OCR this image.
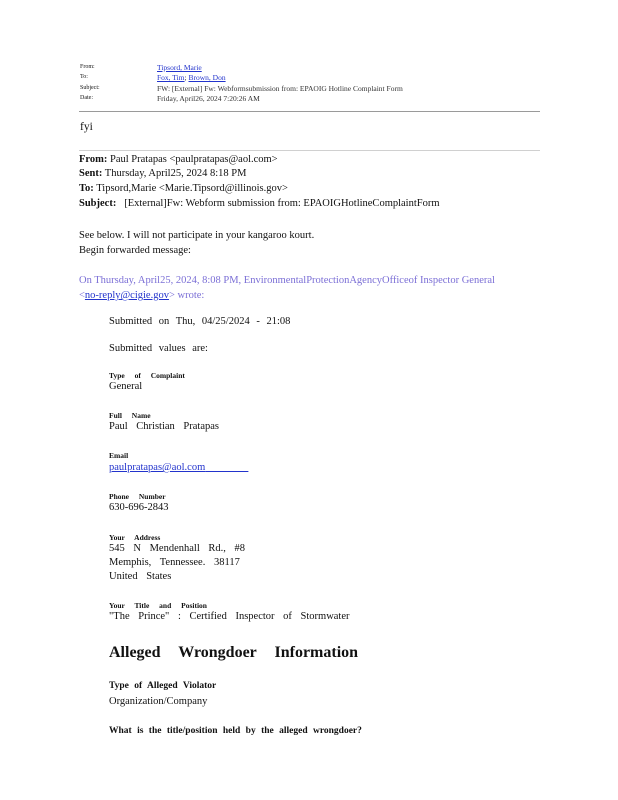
From:	Tipsord, Marie
To:	Fox, Tim; Brown, Don
Subject:	FW: [External] Fw: Webformsubmission from: EPAOIG Hotline Complaint Form
Date:	Friday, April26, 2024 7:20:26 AM
fyi
From: Paul Pratapas <paulpratapas@aol.com>
Sent: Thursday, April25, 2024 8:18 PM
To: Tipsord,Marie <Marie.Tipsord@illinois.gov>
Subject: [External]Fw: Webform submission from: EPAOIGHotlineComplaintForm
See below. I will not participate in your kangaroo kourt.
Begin forwarded message:
On Thursday, April25, 2024, 8:08 PM, EnvironmentalProtectionAgencyOfficeof Inspector General
<no-reply@cigie.gov> wrote:
Submitted on Thu, 04/25/2024 - 21:08
Submitted values are:
Type of Complaint
General
Full Name
Paul Christian Pratapas
Email
paulpratapas@aol.com
Phone Number
630-696-2843
Your Address
545 N Mendenhall Rd., #8
Memphis, Tennessee. 38117
United States
Your Title and Position
"The Prince" : Certified Inspector of Stormwater
Alleged Wrongdoer Information
Type of Alleged Violator
Organization/Company
What is the title/position held by the alleged wrongdoer?
